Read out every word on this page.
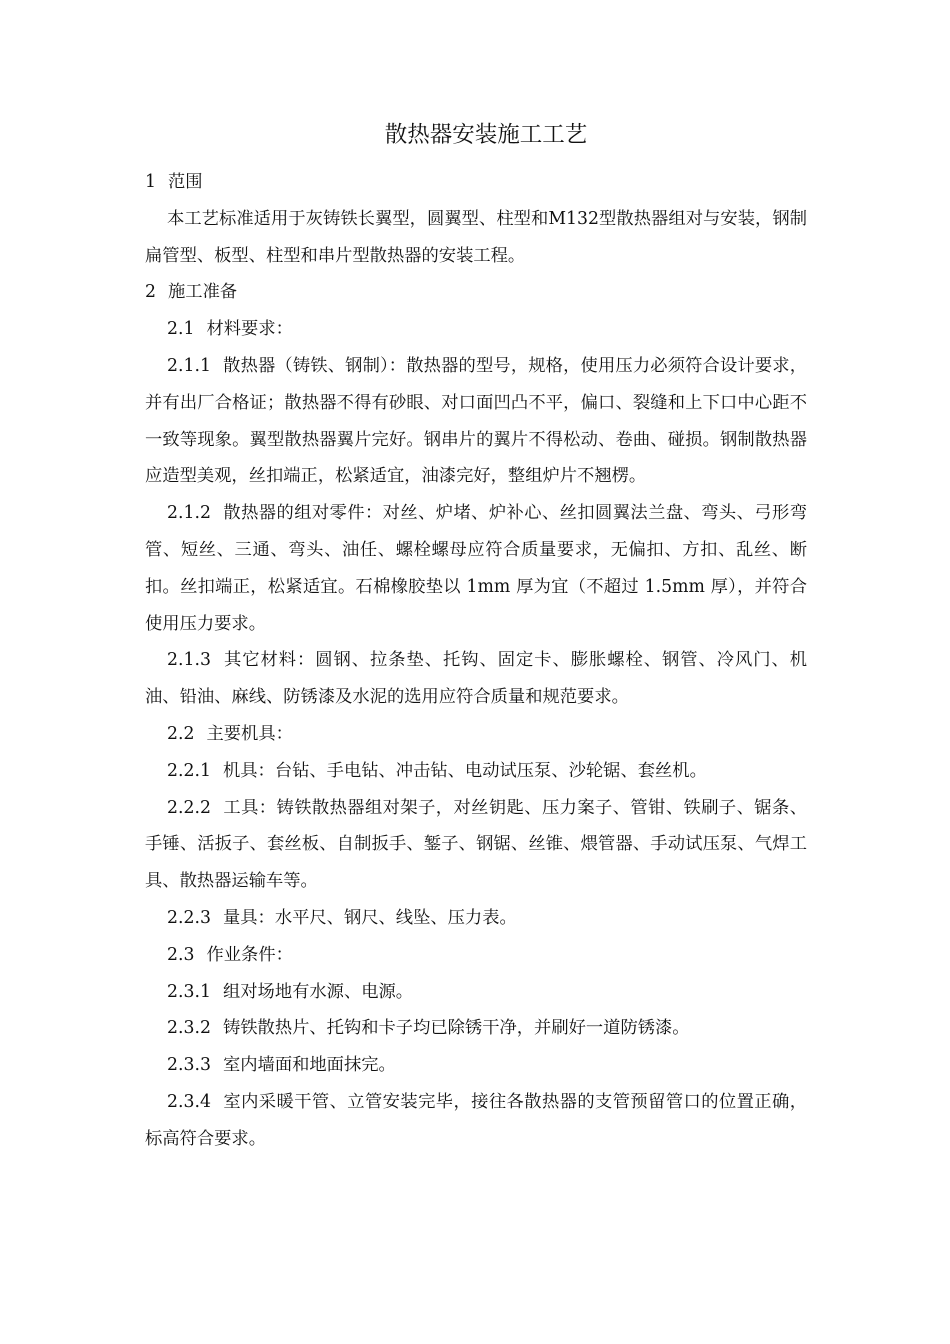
散热器安装施工工艺
1 范围

本工艺标准适用于灰铸铁长翼型，圆翼型、柱型和M132型散热器组对与安装，钢制扁管型、板型、柱型和串片型散热器的安装工程。

2 施工准备

2.1 材料要求：

2.1.1 散热器（铸铁、钢制）：散热器的型号，规格，使用压力必须符合设计要求，并有出厂合格证；散热器不得有砂眼、对口面凹凸不平，偏口、裂缝和上下口中心距不一致等现象。翼型散热器翼片完好。钢串片的翼片不得松动、卷曲、碰损。钢制散热器应造型美观，丝扣端正，松紧适宜，油漆完好，整组炉片不翘楞。

2.1.2 散热器的组对零件：对丝、炉堵、炉补心、丝扣圆翼法兰盘、弯头、弓形弯管、短丝、三通、弯头、油任、螺栓螺母应符合质量要求，无偏扣、方扣、乱丝、断扣。丝扣端正，松紧适宜。石棉橡胶垫以 1mm 厚为宜（不超过 1.5mm 厚），并符合使用压力要求。

2.1.3 其它材料：圆钢、拉条垫、托钩、固定卡、膨胀螺栓、钢管、冷风门、机油、铅油、麻线、防锈漆及水泥的选用应符合质量和规范要求。

2.2 主要机具：

2.2.1 机具：台钻、手电钻、冲击钻、电动试压泵、沙轮锯、套丝机。

2.2.2 工具：铸铁散热器组对架子，对丝钥匙、压力案子、管钳、铁刷子、锯条、手锤、活扳子、套丝板、自制扳手、錾子、钢锯、丝锥、煨管器、手动试压泵、气焊工具、散热器运输车等。

2.2.3 量具：水平尺、钢尺、线坠、压力表。

2.3 作业条件：

2.3.1 组对场地有水源、电源。

2.3.2 铸铁散热片、托钩和卡子均已除锈干净，并刷好一道防锈漆。

2.3.3 室内墙面和地面抹完。

2.3.4 室内采暖干管、立管安装完毕，接往各散热器的支管预留管口的位置正确，标高符合要求。
